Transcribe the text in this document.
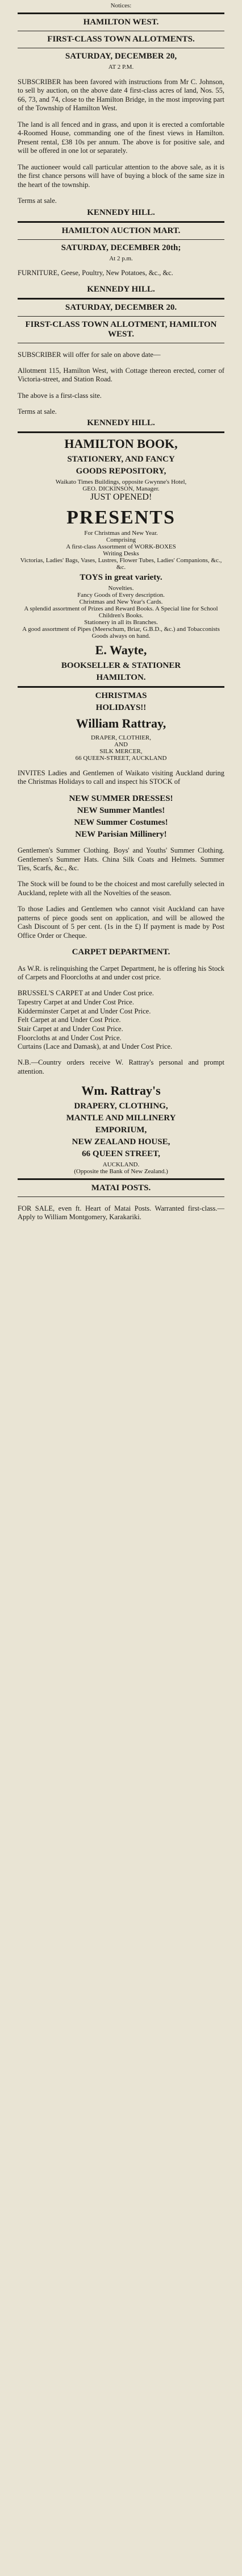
Notices:
HAMILTON WEST.
FIRST-CLASS TOWN ALLOTMENTS.
SATURDAY, DECEMBER 20,
AT 2 P.M.

SUBSCRIBER has been favored with instructions from Mr C. Johnson, to sell by auction, on the above date 4 first-class acres of land, Nos. 55, 66, 73, and 74, close to the Hamilton Bridge, in the most improving part of the Township of Hamilton West.

The land is all fenced and in grass, and upon it is erected a comfortable 4-Roomed House, commanding one of the finest views in Hamilton. Present rental, £38 10s per annum. The above is for positive sale, and will be offered in one lot or separately.

The auctioneer would call particular attention to the above sale, as it is the first chance persons will have of buying a block of the same size in the heart of the township.

Terms at sale.
KENNEDY HILL.
HAMILTON AUCTION MART.
SATURDAY, DECEMBER 20th;
At 2 p.m.

FURNITURE, Geese, Poultry, New Potatoes, &c., &c.

KENNEDY HILL.
SATURDAY, DECEMBER 20.
FIRST-CLASS TOWN ALLOTMENT, HAMILTON WEST.

SUBSCRIBER will offer for sale on above date—

Allotment 115, Hamilton West, with Cottage thereon erected, corner of Victoria-street, and Station Road.

The above is a first-class site.

Terms at sale.
KENNEDY HILL.
HAMILTON BOOK,
STATIONERY, AND FANCY
GOODS REPOSITORY,
Waikato Times Buildings, opposite Gwynne's Hotel,
GEO. DICKINSON, Manager.
JUST OPENED!
PRESENTS
For Christmas and New Year.
Comprising
A first-class Assortment of WORK-BOXES
Writing Desks
Victorias, Ladies' Bags, Vases, Lustres, Flower Tubes, Ladies' Companions, &c., &c.
TOYS in great variety.
Novelties.
Fancy Goods of Every description.
Christmas and New Year's Cards.
A splendid assortment of Prizes and Reward Books. A Special line for School Children's Books.
Stationery in all its Branches.
A good assortment of Pipes (Meerschum, Briar, G.B.D., &c.) and Tobacconists Goods always on hand.
E. Wayte,
BOOKSELLER & STATIONER
HAMILTON.
CHRISTMAS
HOLIDAYS!!
William Rattray,
DRAPER, CLOTHIER,
AND
SILK MERCER,
66 QUEEN-STREET, AUCKLAND

INVITES Ladies and Gentlemen of Waikato visiting Auckland during the Christmas Holidays to call and inspect his STOCK of

NEW SUMMER DRESSES!
NEW Summer Mantles!
NEW Summer Costumes!
NEW Parisian Millinery!

Gentlemen's Summer Clothing. Boys' and Youths' Summer Clothing. Gentlemen's Summer Hats. China Silk Coats and Helmets. Summer Ties, Scarfs, &c., &c.

The Stock will be found to be the choicest and most carefully selected in Auckland, replete with all the Novelties of the season.

To those Ladies and Gentlemen who cannot visit Auckland can have patterns of piece goods sent on application, and will be allowed the Cash Discount of 5 per cent. (1s in the £) If payment is made by Post Office Order or Cheque.

CARPET DEPARTMENT.

As W.R. is relinquishing the Carpet Department, he is offering his Stock of Carpets and Floorcloths at and under cost price.

BRUSSEL'S CARPET at and Under Cost price.
Tapestry Carpet at and Under Cost Price.
Kidderminster Carpet at and Under Cost Price.
Felt Carpet at and Under Cost Price.
Stair Carpet at and Under Cost Price.
Floorcloths at and Under Cost Price.
Curtains (Lace and Damask), at and Under Cost Price.

N.B.—Country orders receive W. Rattray's personal and prompt attention.

Wm. Rattray's
DRAPERY, CLOTHING,
MANTLE AND MILLINERY
EMPORIUM,
NEW ZEALAND HOUSE,
66 QUEEN STREET,
AUCKLAND.
(Opposite the Bank of New Zealand.)
MATAI POSTS.

FOR SALE, even ft. Heart of Matai Posts. Warranted first-class.—Apply to William Montgomery, Karakariki.
